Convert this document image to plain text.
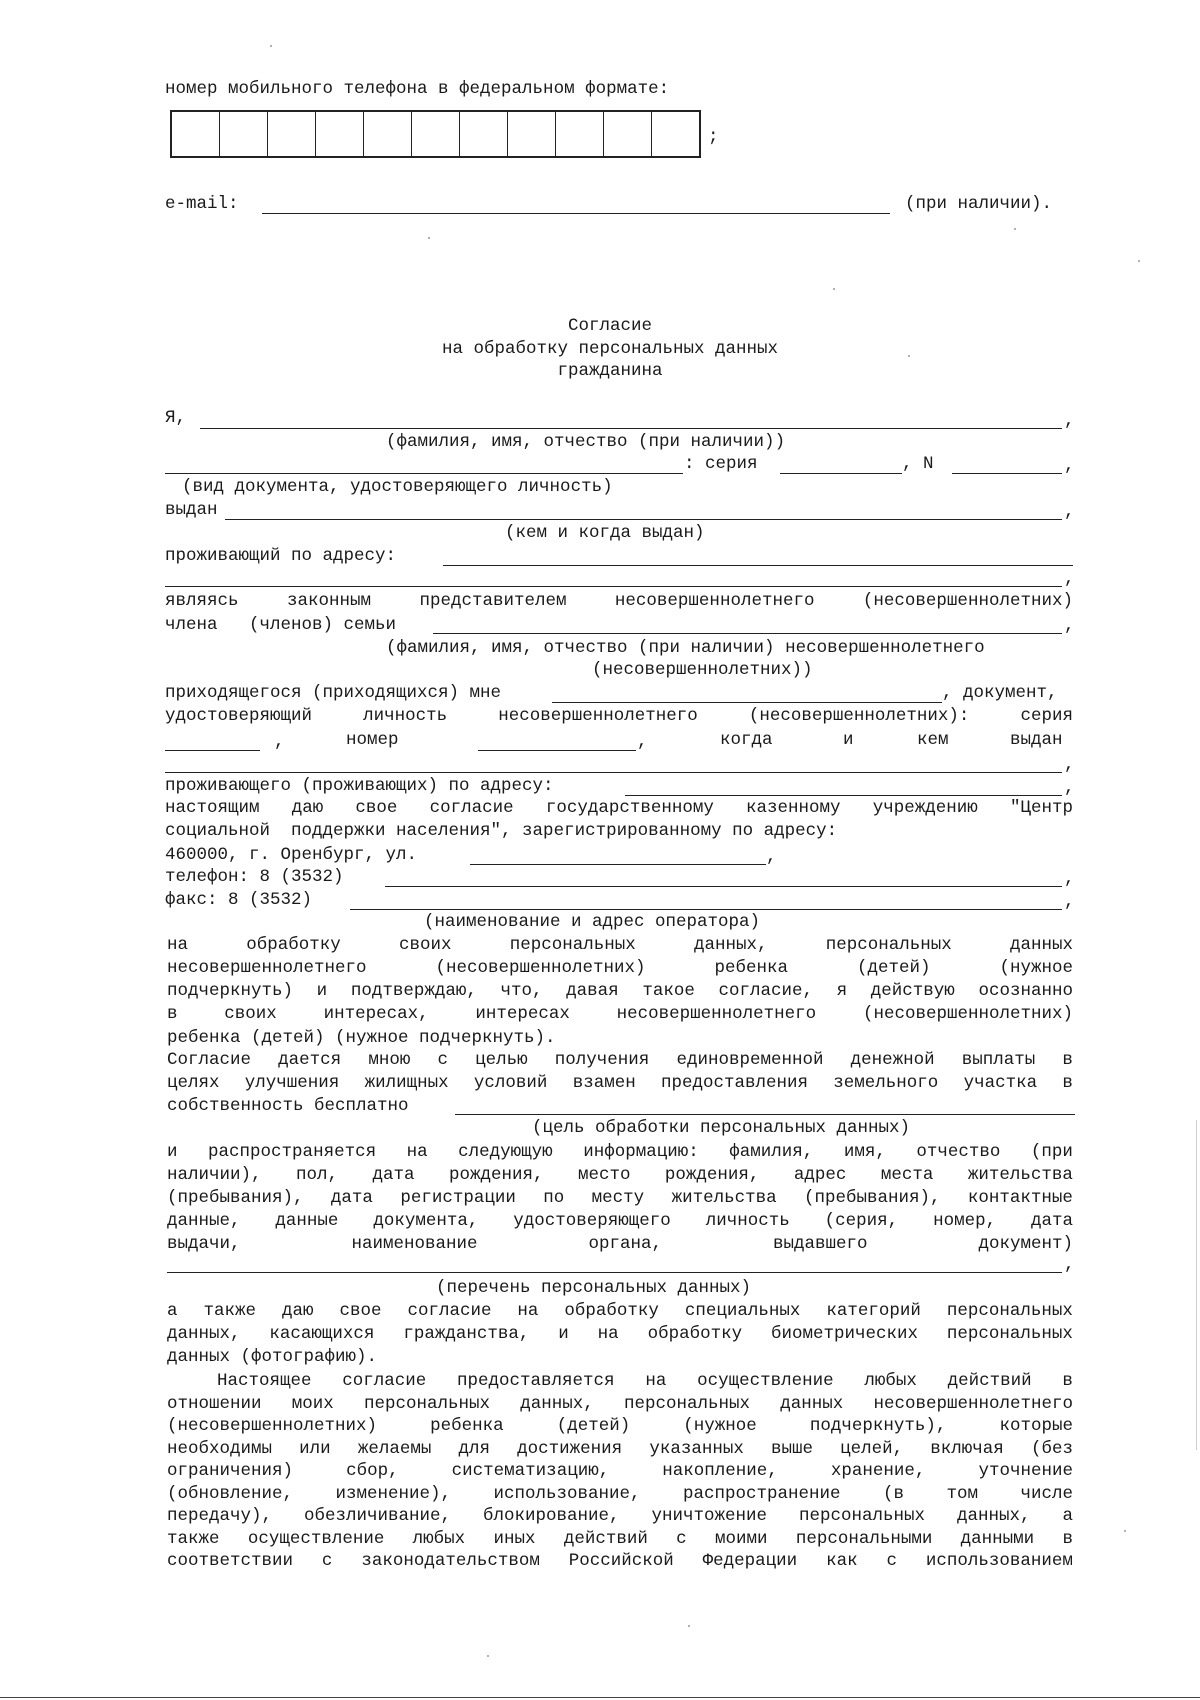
номер мобильного телефона в федеральном формате:
;
e-mail:	(при наличии).
Согласие
на обработку персональных данных
гражданина
Я,	,
(фамилия, имя, отчество (при наличии))
: серия	, N	,
(вид документа, удостоверяющего личность)
выдан	,
(кем и когда выдан)
проживающий по адресу:
,
являясь	законным	представителем	несовершеннолетнего	(несовершеннолетних)
члена   (членов) семьи	,
(фамилия, имя, отчество (при наличии) несовершеннолетнего
(несовершеннолетних))
приходящегося (приходящихся) мне	, документ,
удостоверяющий	личность	несовершеннолетнего	(несовершеннолетних):	серия
,	номер	,	когда	и	кем	выдан
,
проживающего (проживающих) по адресу:	,
настоящим даю свое согласие государственному казенному учреждению "Центр
социальной  поддержки населения", зарегистрированному по адресу:
460000, г. Оренбург, ул.	,
телефон: 8 (3532)	,
факс: 8 (3532)	,
(наименование и адрес оператора)
на	обработку	своих	персональных	данных,	персональных	данных
несовершеннолетнего	(несовершеннолетних)	ребенка	(детей)	(нужное
подчеркнуть) и подтверждаю, что, давая такое согласие, я действую осознанно
в	своих	интересах,	интересах	несовершеннолетнего	(несовершеннолетних)
ребенка (детей) (нужное подчеркнуть).
Согласие дается мною с целью получения единовременной денежной выплаты в
целях улучшения жилищных условий взамен предоставления земельного участка в
собственность бесплатно
(цель обработки персональных данных)
и распространяется на следующую информацию: фамилия, имя, отчество (при
наличии), пол, дата рождения, место рождения, адрес места жительства
(пребывания), дата регистрации по месту жительства (пребывания), контактные
данные, данные документа, удостоверяющего личность (серия, номер, дата
выдачи,	наименование	органа,	выдавшего	документ)
,
(перечень персональных данных)
а также даю свое согласие на обработку специальных категорий персональных
данных, касающихся гражданства, и на обработку биометрических персональных
данных (фотографию).
Настоящее согласие предоставляется на осуществление любых действий в
отношении моих персональных данных, персональных данных несовершеннолетнего
(несовершеннолетних)	ребенка	(детей)	(нужное	подчеркнуть),	которые
необходимы или желаемы для достижения указанных выше целей, включая (без
ограничения)	сбор,	систематизацию,	накопление,	хранение,	уточнение
(обновление, изменение), использование, распространение (в том числе
передачу), обезличивание, блокирование, уничтожение персональных данных, а
также осуществление любых иных действий с моими персональными данными в
соответствии с законодательством Российской Федерации как с использованием
